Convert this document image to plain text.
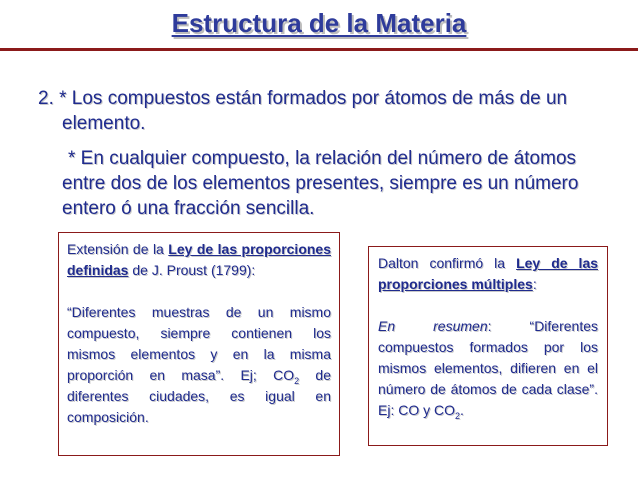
Estructura de la Materia
2. * Los compuestos están formados por átomos de más de un
elemento.
* En cualquier compuesto, la relación del número de átomos
entre dos de los elementos presentes, siempre es un número
entero ó una fracción sencilla.
Extensión de la Ley de las proporciones definidas de J. Proust (1799):
“Diferentes muestras de un mismo compuesto, siempre contienen los mismos elementos y en la misma proporción en masa”. Ej; $CO_2$ de diferentes ciudades, es igual en composición.
Dalton confirmó la Ley de las proporciones múltiples:
En resumen: “Diferentes compuestos formados por los mismos elementos, difieren en el número de átomos de cada clase”. Ej: CO y $CO_2$.
